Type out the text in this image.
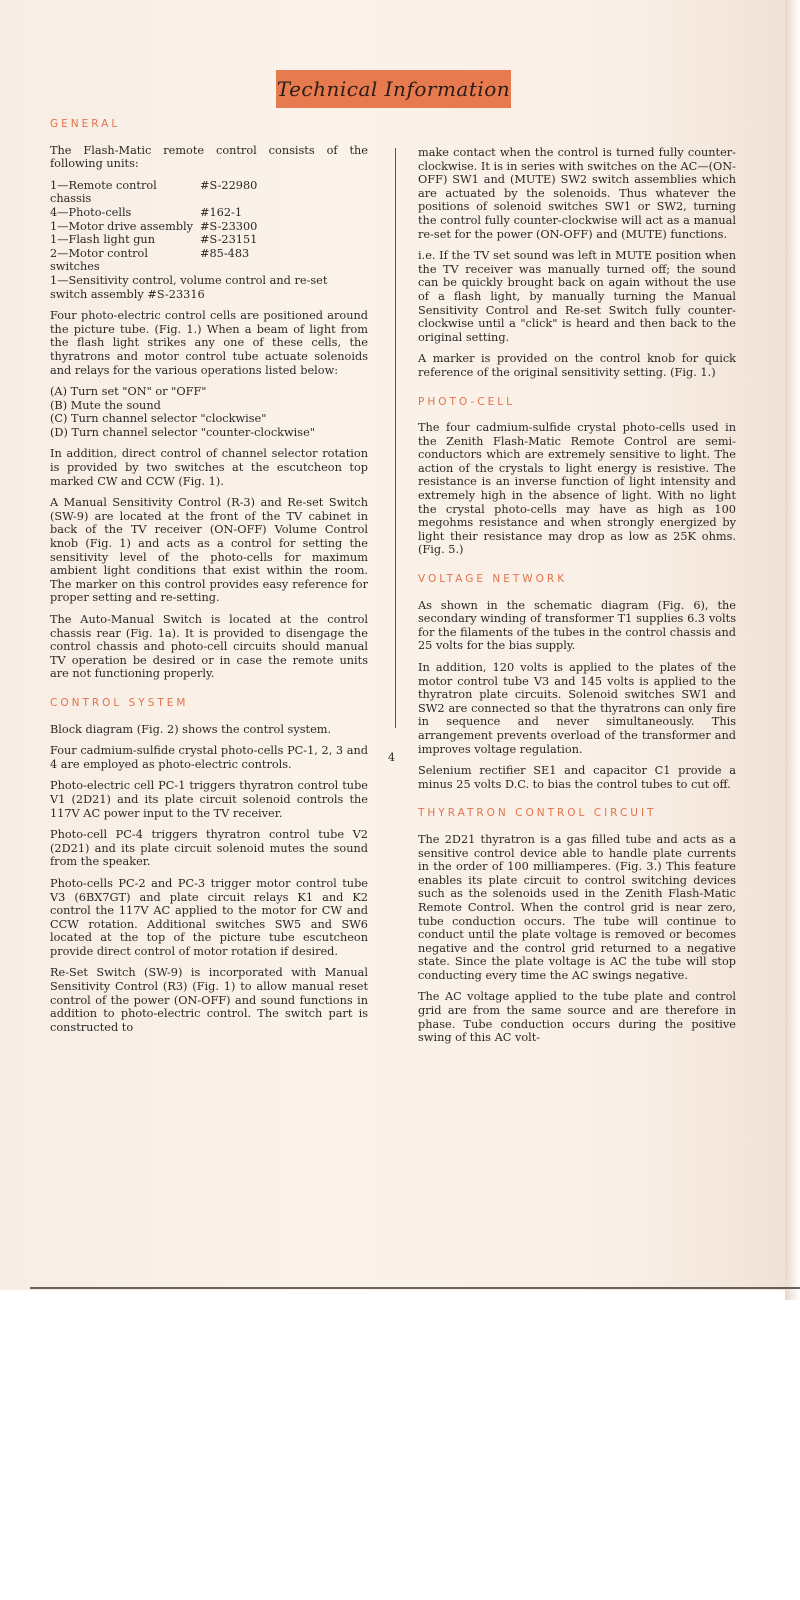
Technical Information
GENERAL

The Flash-Matic remote control consists of the following units:

1—Remote control chassis
#S-22980
4—Photo-cells	#162-1
1—Motor drive assembly #S-23300
1—Flash light gun	#S-23151
2—Motor control switches
#85-483
1—Sensitivity control, volume control and re-set switch assembly #S-23316

Four photo-electric control cells are positioned around the picture tube. (Fig. 1.) When a beam of light from the flash light strikes any one of these cells, the thyratrons and motor control tube actuate solenoids and relays for the various operations listed below:

(A) Turn set "ON" or "OFF"
(B) Mute the sound
(C) Turn channel selector "clockwise"
(D) Turn channel selector "counter-clockwise"

In addition, direct control of channel selector rotation is provided by two switches at the escutcheon top marked CW and CCW (Fig. 1).

A Manual Sensitivity Control (R-3) and Re-set Switch (SW-9) are located at the front of the TV cabinet in back of the TV receiver (ON-OFF) Volume Control knob (Fig. 1) and acts as a control for setting the sensitivity level of the photo-cells for maximum ambient light conditions that exist within the room. The marker on this control provides easy reference for proper setting and re-setting.

The Auto-Manual Switch is located at the control chassis rear (Fig. 1a). It is provided to disengage the control chassis and photo-cell circuits should manual TV operation be desired or in case the remote units are not functioning properly.

CONTROL SYSTEM

Block diagram (Fig. 2) shows the control system.

Four cadmium-sulfide crystal photo-cells PC-1, 2, 3 and 4 are employed as photo-electric controls.

Photo-electric cell PC-1 triggers thyratron control tube V1 (2D21) and its plate circuit solenoid controls the 117V AC power input to the TV receiver.

Photo-cell PC-4 triggers thyratron control tube V2 (2D21) and its plate circuit solenoid mutes the sound from the speaker.

Photo-cells PC-2 and PC-3 trigger motor control tube V3 (6BX7GT) and plate circuit relays K1 and K2 control the 117V AC applied to the motor for CW and CCW rotation. Additional switches SW5 and SW6 located at the top of the picture tube escutcheon provide direct control of motor rotation if desired.

Re-Set Switch (SW-9) is incorporated with Manual Sensitivity Control (R3) (Fig. 1) to allow manual reset control of the power (ON-OFF) and sound functions in addition to photo-electric control. The switch part is constructed to

make contact when the control is turned fully counter-clockwise. It is in series with switches on the AC—(ON-OFF) SW1 and (MUTE) SW2 switch assemblies which are actuated by the solenoids. Thus whatever the positions of solenoid switches SW1 or SW2, turning the control fully counter-clockwise will act as a manual re-set for the power (ON-OFF) and (MUTE) functions.

i.e. If the TV set sound was left in MUTE position when the TV receiver was manually turned off; the sound can be quickly brought back on again without the use of a flash light, by manually turning the Manual Sensitivity Control and Re-set Switch fully counter-clockwise until a "click" is heard and then back to the original setting.

A marker is provided on the control knob for quick reference of the original sensitivity setting. (Fig. 1.)

PHOTO-CELL

The four cadmium-sulfide crystal photo-cells used in the Zenith Flash-Matic Remote Control are semi-conductors which are extremely sensitive to light. The action of the crystals to light energy is resistive. The resistance is an inverse function of light intensity and extremely high in the absence of light. With no light the crystal photo-cells may have as high as 100 megohms resistance and when strongly energized by light their resistance may drop as low as 25K ohms. (Fig. 5.)

VOLTAGE NETWORK

As shown in the schematic diagram (Fig. 6), the secondary winding of transformer T1 supplies 6.3 volts for the filaments of the tubes in the control chassis and 25 volts for the bias supply.

In addition, 120 volts is applied to the plates of the motor control tube V3 and 145 volts is applied to the thyratron plate circuits. Solenoid switches SW1 and SW2 are connected so that the thyratrons can only fire in sequence and never simultaneously. This arrangement prevents overload of the transformer and improves voltage regulation.

Selenium rectifier SE1 and capacitor C1 provide a minus 25 volts D.C. to bias the control tubes to cut off.

THYRATRON CONTROL CIRCUIT

The 2D21 thyratron is a gas filled tube and acts as a sensitive control device able to handle plate currents in the order of 100 milliamperes. (Fig. 3.) This feature enables its plate circuit to control switching devices such as the solenoids used in the Zenith Flash-Matic Remote Control. When the control grid is near zero, tube conduction occurs. The tube will continue to conduct until the plate voltage is removed or becomes negative and the control grid returned to a negative state. Since the plate voltage is AC the tube will stop conducting every time the AC swings negative.

The AC voltage applied to the tube plate and control grid are from the same source and are therefore in phase. Tube conduction occurs during the positive swing of this AC volt-

4
